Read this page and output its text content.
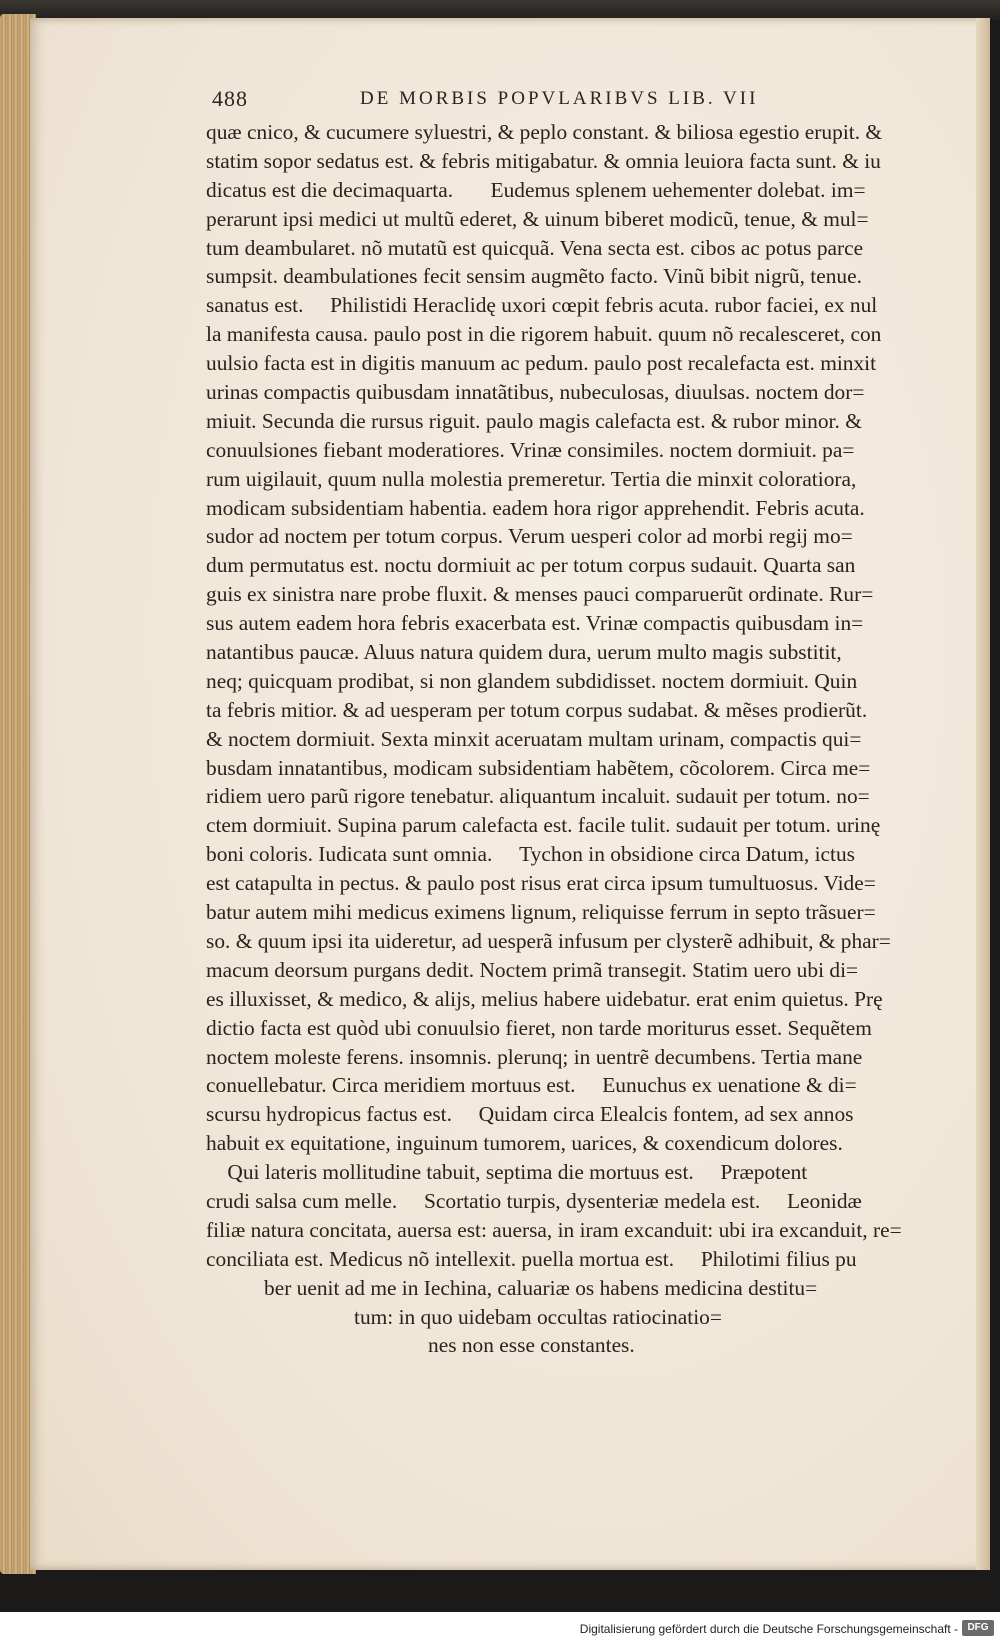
488	DE MORBIS POPVLARIBVS LIB. VII
quæ cnico, & cucumere syluestri, & peplo constant. & biliosa egestio erupit. &
statim sopor sedatus est. & febris mitigabatur. & omnia leuiora facta sunt. & iu
dicatus est die decimaquarta.       Eudemus splenem uehementer dolebat. im=
perarunt ipsi medici ut multũ ederet, & uinum biberet modicũ, tenue, & mul=
tum deambularet. nõ mutatũ est quicquã. Vena secta est. cibos ac potus parce
sumpsit. deambulationes fecit sensim augmẽto facto. Vinũ bibit nigrũ, tenue.
sanatus est.     Philistidi Heraclidę uxori cœpit febris acuta. rubor faciei, ex nul
la manifesta causa. paulo post in die rigorem habuit. quum nõ recalesceret, con
uulsio facta est in digitis manuum ac pedum. paulo post recalefacta est. minxit
urinas compactis quibusdam innatãtibus, nubeculosas, diuulsas. noctem dor=
miuit. Secunda die rursus riguit. paulo magis calefacta est. & rubor minor. &
conuulsiones fiebant moderatiores. Vrinæ consimiles. noctem dormiuit. pa=
rum uigilauit, quum nulla molestia premeretur. Tertia die minxit coloratiora,
modicam subsidentiam habentia. eadem hora rigor apprehendit. Febris acuta.
sudor ad noctem per totum corpus. Verum uesperi color ad morbi regij mo=
dum permutatus est. noctu dormiuit ac per totum corpus sudauit. Quarta san
guis ex sinistra nare probe fluxit. & menses pauci comparuerũt ordinate. Rur=
sus autem eadem hora febris exacerbata est. Vrinæ compactis quibusdam in=
natantibus paucæ. Aluus natura quidem dura, uerum multo magis substitit,
neq; quicquam prodibat, si non glandem subdidisset. noctem dormiuit. Quin
ta febris mitior. & ad uesperam per totum corpus sudabat. & mẽses prodierũt.
& noctem dormiuit. Sexta minxit aceruatam multam urinam, compactis qui=
busdam innatantibus, modicam subsidentiam habẽtem, cõcolorem. Circa me=
ridiem uero parũ rigore tenebatur. aliquantum incaluit. sudauit per totum. no=
ctem dormiuit. Supina parum calefacta est. facile tulit. sudauit per totum. urinę
boni coloris. Iudicata sunt omnia.     Tychon in obsidione circa Datum, ictus
est catapulta in pectus. & paulo post risus erat circa ipsum tumultuosus. Vide=
batur autem mihi medicus eximens lignum, reliquisse ferrum in septo trãsuer=
so. & quum ipsi ita uideretur, ad uesperã infusum per clysterẽ adhibuit, & phar=
macum deorsum purgans dedit. Noctem primã transegit. Statim uero ubi di=
es illuxisset, & medico, & alijs, melius habere uidebatur. erat enim quietus. Prę
dictio facta est quòd ubi conuulsio fieret, non tarde moriturus esset. Sequẽtem
noctem moleste ferens. insomnis. plerunq; in uentrẽ decumbens. Tertia mane
conuellebatur. Circa meridiem mortuus est.     Eunuchus ex uenatione & di=
scursu hydropicus factus est.     Quidam circa Elealcis fontem, ad sex annos
habuit ex equitatione, inguinum tumorem, uarices, & coxendicum dolores.
Qui lateris mollitudine tabuit, septima die mortuus est.     Præpotent
crudi salsa cum melle.     Scortatio turpis, dysenteriæ medela est.     Leonidæ
filiæ natura concitata, auersa est: auersa, in iram excanduit: ubi ira excanduit, re=
conciliata est. Medicus nõ intellexit. puella mortua est.     Philotimi filius pu
ber uenit ad me in Iechina, caluariæ os habens medicina destitu=
tum: in quo uidebam occultas ratiocinatio=
nes non esse constantes.
Digitalisierung gefördert durch die Deutsche Forschungsgemeinschaft - DFG
